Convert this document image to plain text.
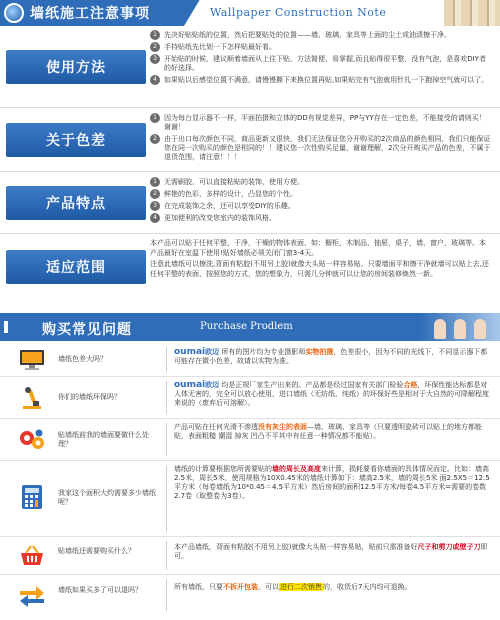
墙纸施工注意事项	Wallpaper Construction Note
使用方法
1	先决好贴贴纸的位置，然后把要贴处的位置——墙、玻璃，家具等上面的尘土或油渍擦干净。
2	手持贴纸先比划一下怎样贴最好看。
3	开始贴的时候，建议顺着墙面从上往下贴，方法简便、易掌握,而且贴得很平整，没有气泡，是喜欢DIY者的好选择。
4	如果贴以后感觉位置不满意，请慢慢撕下来换位置再贴,如果贴完有气泡就用针扎一下跑掉空气就可以了。
关于色差
1	因为每台显示器不一样，平面拍摄和立体的DD有视觉差异，PP与YY存在一定色差，不能接受的请则买！谢谢！
2	由于出口每次颜色不同，商品更新又很快，我们无法保证您分开购买的2次商品的颜色相同，我们只能保证您在同一次购买的颜色是相同的！！建议您一次性购买足量，谢谢理解，2次分开购买产品的色差，不属于退货范围，请注意！！！
产品特点
1	无需刷胶，可以直接粘贴的装饰，使用方便。
2	鲜艳的色彩，多样的设计，凸显您的个性。
3	在完成装饰之余，还可以享受DIY的乐趣。
4	更加便利的改变您室内的装饰风格。
适应范围
本产品可以贴于任何平整，干净，干燥的物体表面，如：橱柜，木制品，抽屉，桌子，墙，窗户，玻璃等。本产品最好在室温下使用!贴好墙纸必须关闭门窗3-4天。
注意此墙纸可以擦洗,背面有粘胶(不用另上胶)就像大头贴一样容易贴。只要墙面平和擦干净就墙可以贴上去,还任何平整的表面，按照您的方式，您的想象力，只需几分钟就可以让您的房间装修焕然一新。
购买常见问题	Purchase Prodlem
墙纸色差大吗？
oumai欧迈 所有的图片均为专业摄影师实物拍摄，色差很小，因为不同的光线下，不同显示器下都可能存在微小色差，故请以实物为准。
你们的墙纸环保吗？
oumai欧迈 均是正规厂家生产出来的。产品都是经过国家有关部门检验合格，环保性能达标都是对人体无害的，完全可以放心使用，进口墙纸（无纺纸、纯纸）的环保好些是相对于大自然的可降解程度来说的（废弃后可溶解）。
贴墙纸前我的墙面要做什么处理？
产品可贴在任何光滑不渗透没有灰尘的表面—墙、玻璃、家具等（只要透明瓷砖可以贴上的地方都能贴，表面粗糙 潮湿 掉灰 凹凸不平其中有任意一种情况都不能贴）。
我家这个面积大约需要多少墙纸呢？
墙纸的计算要根据您所需要贴的墙的周长及高度来计算，损耗要看你墙面的具体情况而定。比如：墙高2.5米，周长5米，使用规格为10X0.45米的墙纸计算如下：墙高2.5米，墙的周长5米 面2.5X5＝12.5平方米（每卷墙纸为10*0.45＝4.5平方米）然后房间的面积12.5平方米/每卷4.5平方米=需要的卷数2.7卷（取整卷为3卷）。
贴墙纸还需要购买什么？	本产品墙纸，背面有粘胶(不用另上胶)就像大头贴一样容易贴，贴前只需准备好尺子和剪刀或壁子刀即可。
墙纸如果买多了可以退吗？	所有墙纸，只要不拆开包装，可以进行二次销售的，收货后7天内均可退换。
